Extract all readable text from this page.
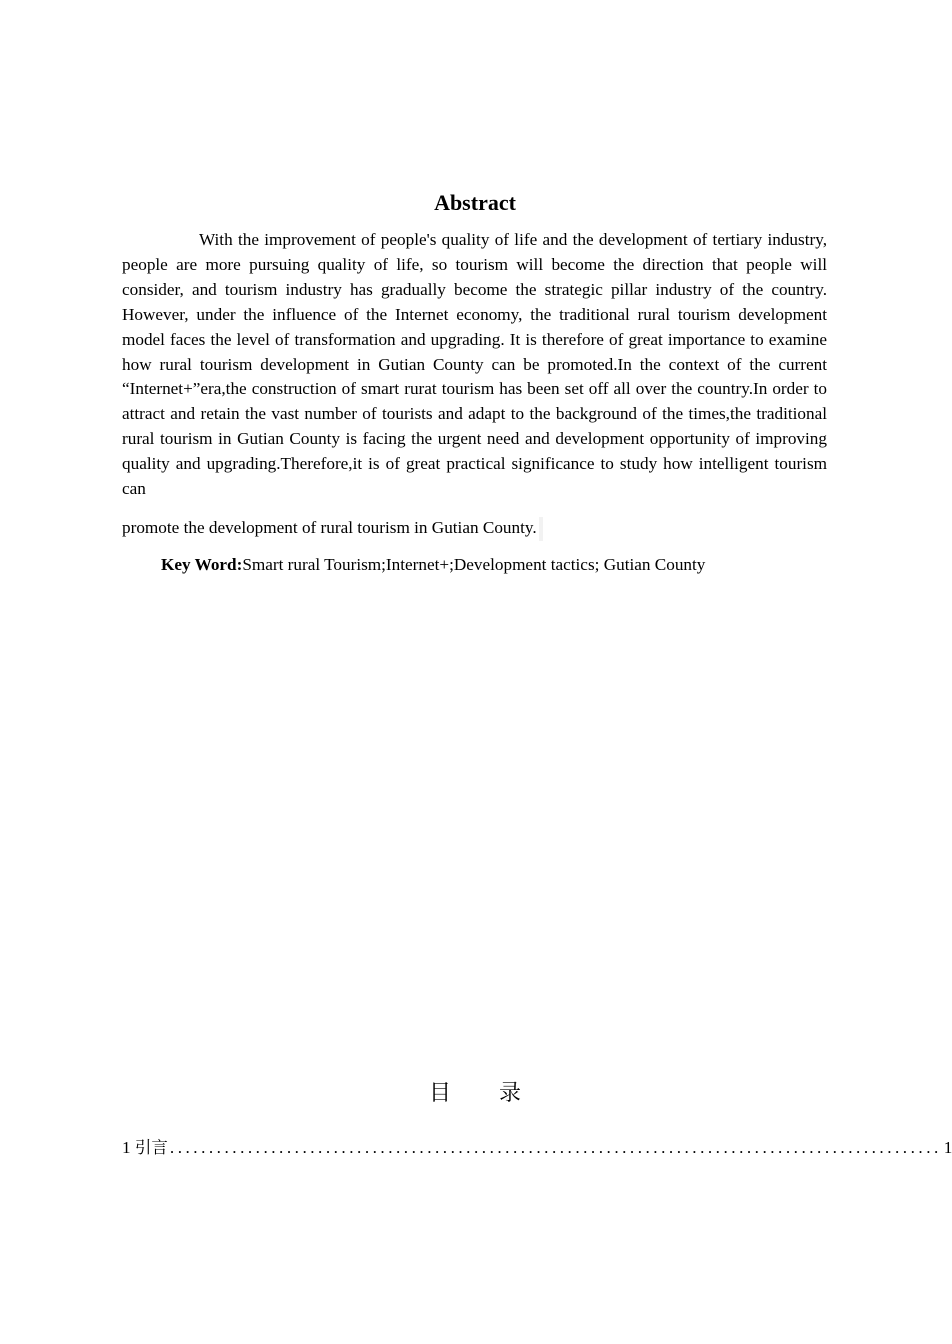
Abstract

With the improvement of people's quality of life and the development of tertiary industry, people are more pursuing quality of life, so tourism will become the direction that people will consider, and tourism industry has gradually become the strategic pillar industry of the country. However, under the influence of the Internet economy, the traditional rural tourism development model faces the level of transformation and upgrading. It is therefore of great importance to examine how rural tourism development in Gutian County can be promoted.In the context of the current “Internet+”era,the construction of smart rurat tourism has been set off all over the country.In order to attract and retain the vast number of tourists and adapt to the background of the times,the traditional rural tourism in Gutian County is facing the urgent need and development opportunity of improving quality and upgrading.Therefore,it is of great practical significance to study how intelligent tourism can

promote the development of rural tourism in Gutian County.

Key Word:Smart rural Tourism;Internet+;Development tactics; Gutian County
目 录
1 引言 ................................................................................................... 1
